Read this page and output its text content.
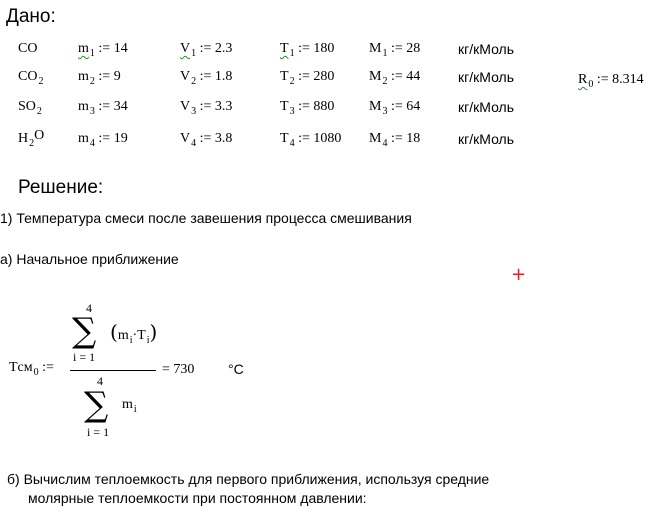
Дано:
CO	$m_1$ := 14	$V_1$ := 2.3	$T_1$ := 180 $M_1$ := 28	кг/кМоль
$CO_2$ $m_2$ := 9	$V_2$ := 1.8	$T_2$ := 280 $M_2$ := 44	кг/кМоль
$SO_2$	$m_3$ := 34	$V_3$ := 3.3	$T_3$ := 880 $M_3$ := 64	кг/кМоль
$H_2O$ $m_4$ := 19	$V_4$ := 3.8	$T_4$ := 1080 $M_4$ := 18	кг/кМоль
$R_0$ := 8.314
Решение:
1) Температура смеси после завешения процесса смешивания
а) Начальное приближение
+
Tсм$_0$ :=
4
∑
i = 1
$(m_i\cdot T_i)$
4
∑
i = 1
$m_i$
= 730 °C
б) Вычислим теплоемкость для первого приближения, используя средние
молярные теплоемкости при постоянном давлении:
